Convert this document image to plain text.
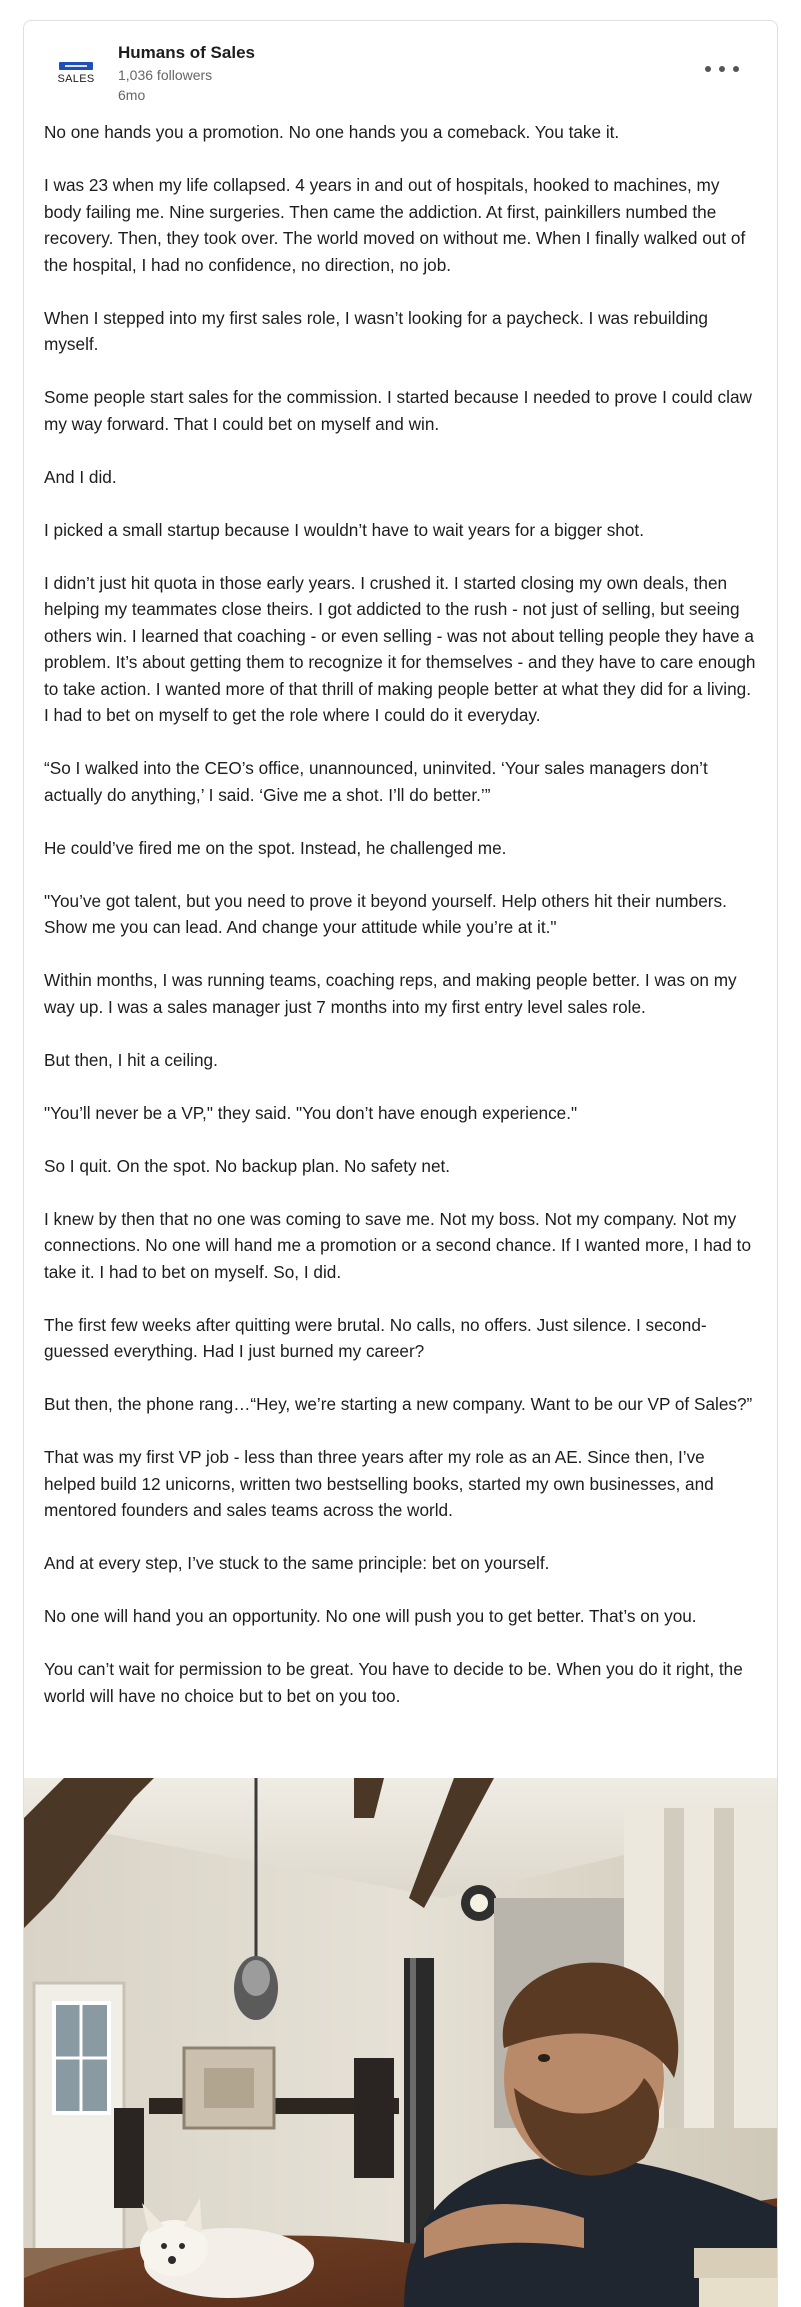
SALES
Humans of Sales
1,036 followers
6mo

No one hands you a promotion. No one hands you a comeback. You take it.

I was 23 when my life collapsed. 4 years in and out of hospitals, hooked to machines, my body failing me. Nine surgeries. Then came the addiction. At first, painkillers numbed the recovery. Then, they took over. The world moved on without me. When I finally walked out of the hospital, I had no confidence, no direction, no job.

When I stepped into my first sales role, I wasn’t looking for a paycheck. I was rebuilding myself.

Some people start sales for the commission. I started because I needed to prove I could claw my way forward. That I could bet on myself and win.

And I did.

I picked a small startup because I wouldn’t have to wait years for a bigger shot.

I didn’t just hit quota in those early years. I crushed it. I started closing my own deals, then helping my teammates close theirs. I got addicted to the rush - not just of selling, but seeing others win. I learned that coaching - or even selling - was not about telling people they have a problem. It’s about getting them to recognize it for themselves - and they have to care enough to take action. I wanted more of that thrill of making people better at what they did for a living. I had to bet on myself to get the role where I could do it everyday.

“So I walked into the CEO’s office, unannounced, uninvited. ‘Your sales managers don’t actually do anything,’ I said. ‘Give me a shot. I’ll do better.’”

He could’ve fired me on the spot. Instead, he challenged me.

"You’ve got talent, but you need to prove it beyond yourself. Help others hit their numbers. Show me you can lead. And change your attitude while you’re at it."

Within months, I was running teams, coaching reps, and making people better. I was on my way up. I was a sales manager just 7 months into my first entry level sales role.

But then, I hit a ceiling.

"You’ll never be a VP," they said. "You don’t have enough experience."

So I quit. On the spot. No backup plan. No safety net.

I knew by then that no one was coming to save me. Not my boss. Not my company. Not my connections. No one will hand me a promotion or a second chance. If I wanted more, I had to take it. I had to bet on myself. So, I did.

The first few weeks after quitting were brutal. No calls, no offers. Just silence. I second-guessed everything. Had I just burned my career?

But then, the phone rang…“Hey, we’re starting a new company. Want to be our VP of Sales?”

That was my first VP job - less than three years after my role as an AE. Since then, I’ve helped build 12 unicorns, written two bestselling books, started my own businesses, and mentored founders and sales teams across the world.

And at every step, I’ve stuck to the same principle: bet on yourself.

No one will hand you an opportunity. No one will push you to get better. That’s on you.

You can’t wait for permission to be great. You have to decide to be. When you do it right, the world will have no choice but to bet on you too.
